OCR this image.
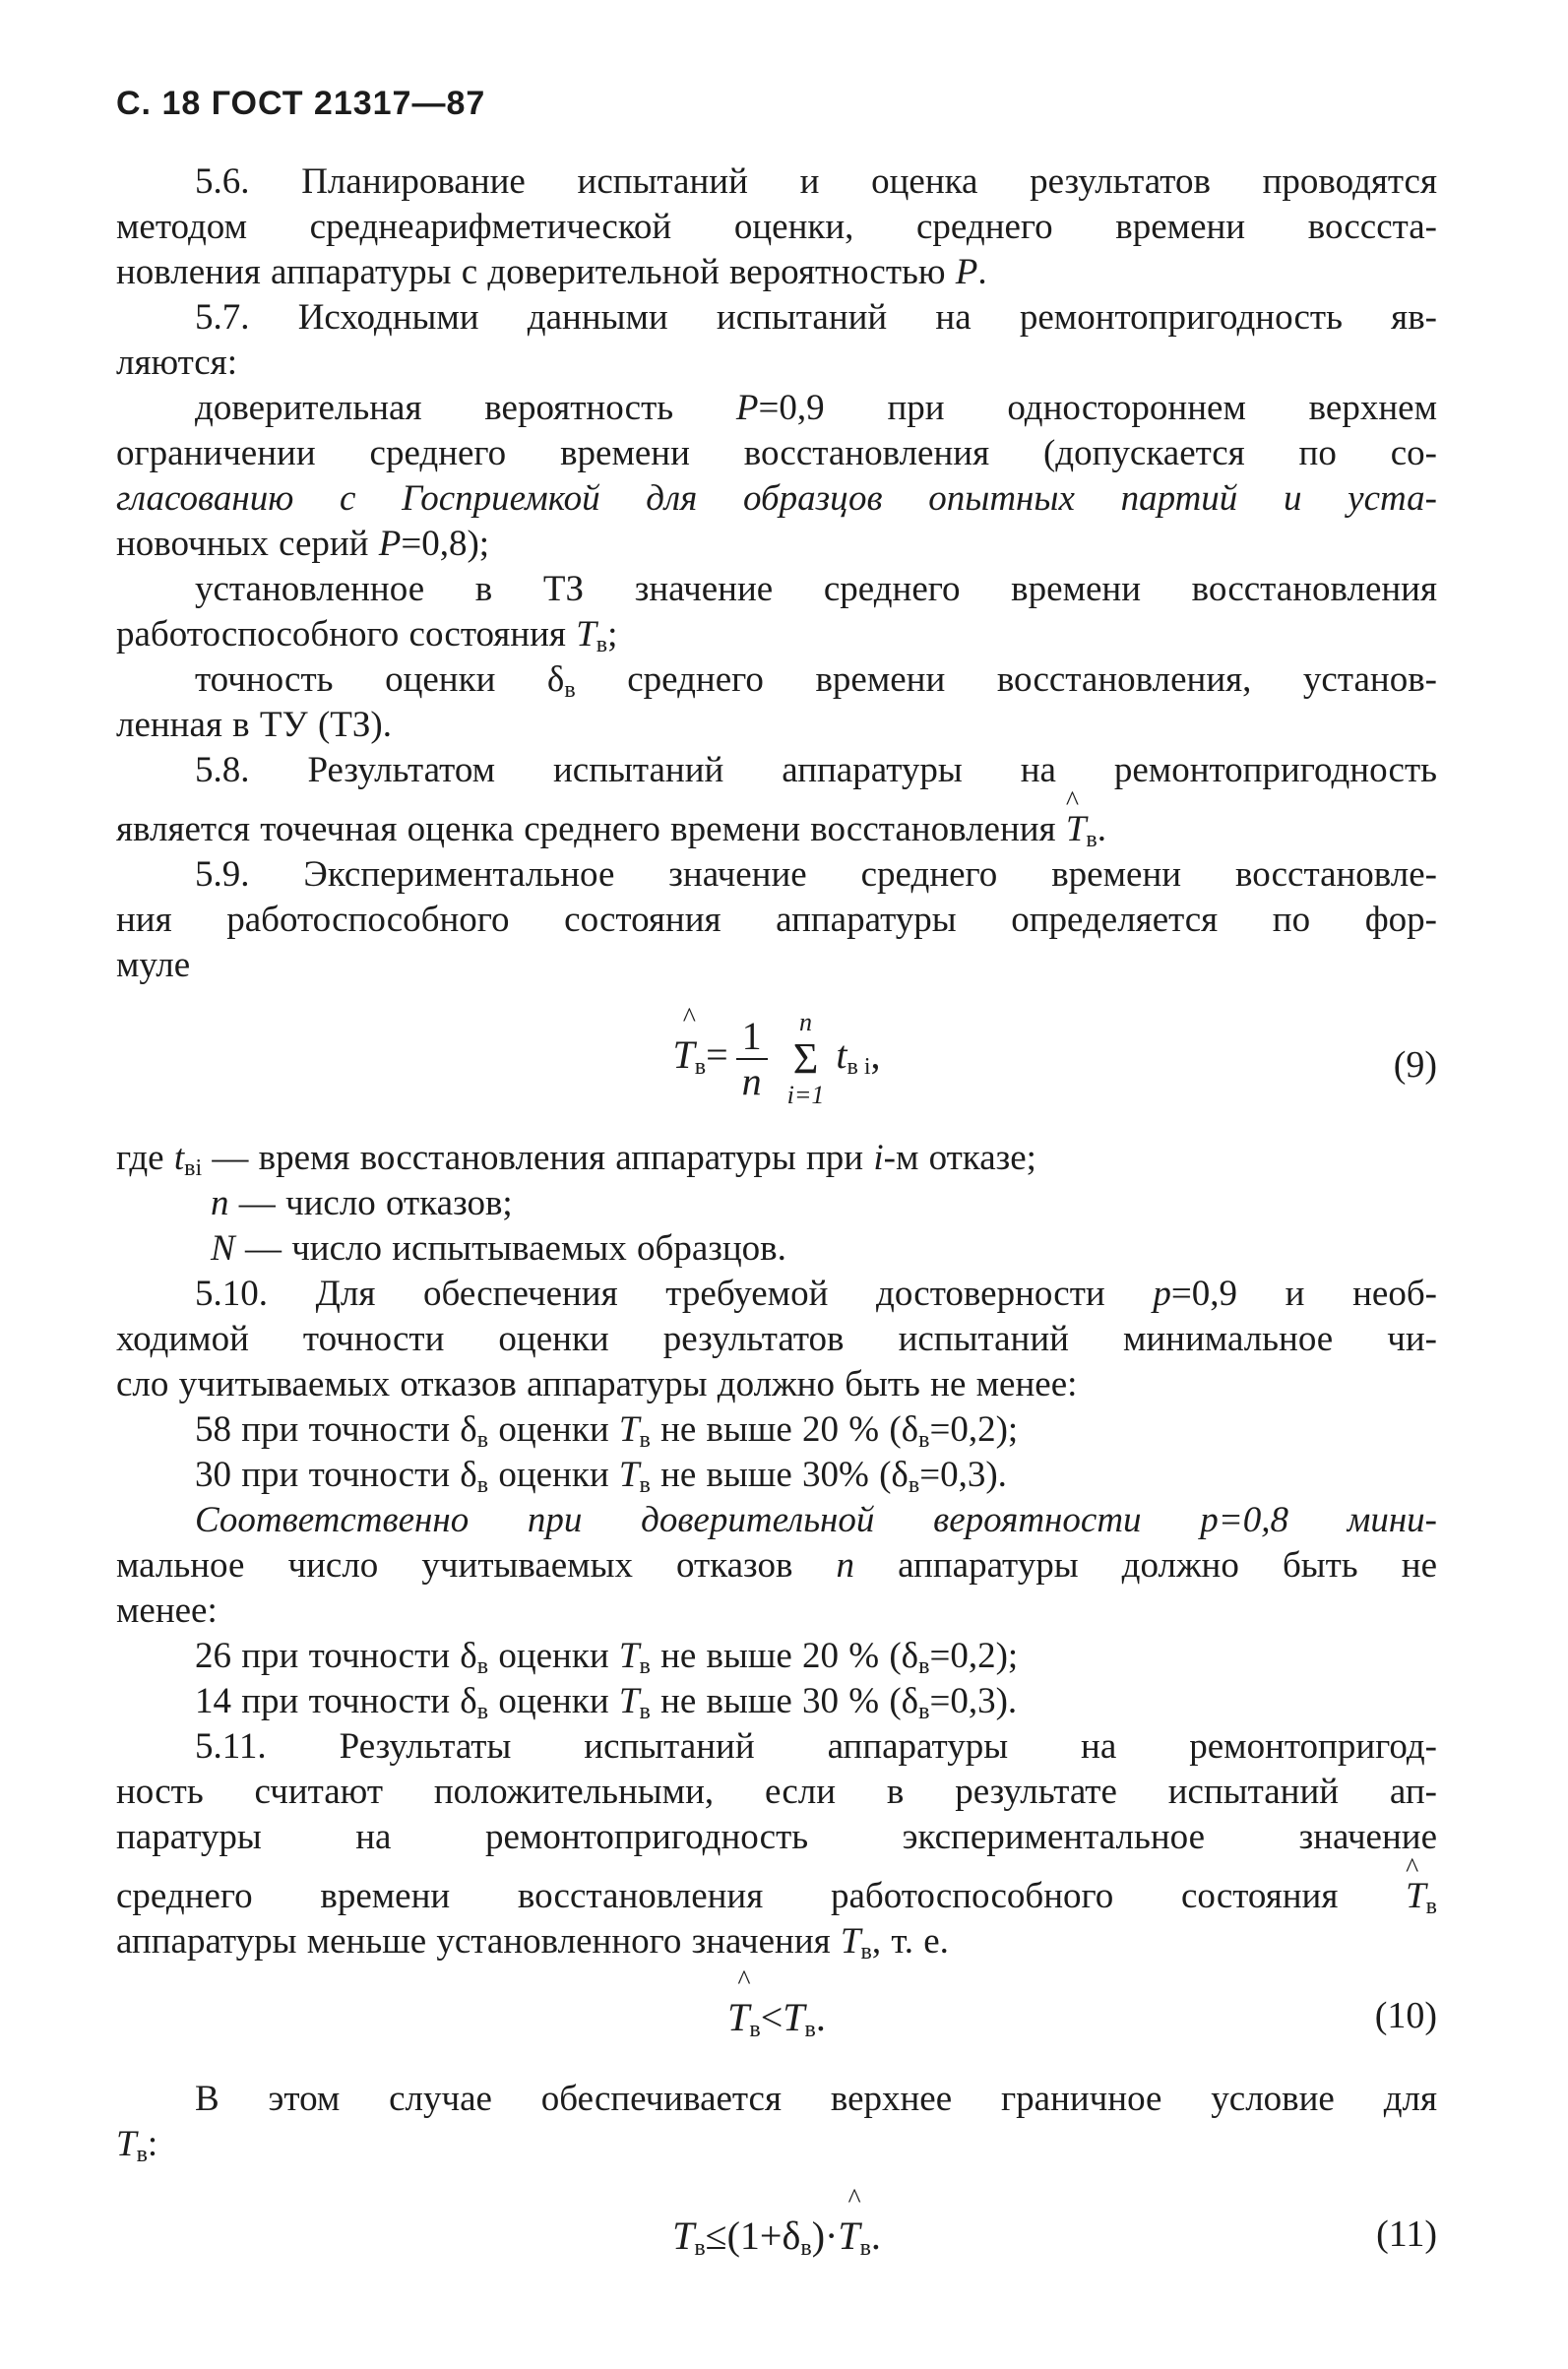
С. 18 ГОСТ 21317—87
5.6. Планирование испытаний и оценка результатов проводятся
методом среднеарифметической оценки, среднего времени воссста-
новления аппаратуры с доверительной вероятностью P.
5.7. Исходными данными испытаний на ремонтопригодность яв-
ляются:
доверительная вероятность P=0,9 при одностороннем верхнем
ограничении среднего времени восстановления (допускается по со-
гласованию с Госприемкой для образцов опытных партий и уста-
новочных серий P=0,8);
установленное в ТЗ значение среднего времени восстановления
работоспособного состояния $T_в$;
точность оценки $\delta_в$ среднего времени восстановления, установ-
ленная в ТУ (ТЗ).
5.8. Результатом испытаний аппаратуры на ремонтопригодность
является точечная оценка среднего времени восстановления
^
$T_в$.
5.9. Экспериментальное значение среднего времени восстановле-
ния работоспособного состояния аппаратуры определяется по фор-
муле
^
$T_в= \frac{1}{n}$	n
Σ
i=1
$t_{в i}$,	(9)
где $t_{вi}$ — время восстановления аппаратуры при i-м отказе;
n — число отказов;
N — число испытываемых образцов.
5.10. Для обеспечения требуемой достоверности p=0,9 и необ-
ходимой точности оценки результатов испытаний минимальное чи-
сло учитываемых отказов аппаратуры должно быть не менее:
58 при точности $\delta_в$ оценки $T_в$ не выше 20 % $(\delta_в=0,2)$;
30 при точности $\delta_в$ оценки $T_в$ не выше 30% $(\delta_в=0,3)$.
Соответственно при доверительной вероятности p=0,8 мини-
мальное число учитываемых отказов n аппаратуры должно быть не
менее:
26 при точности $\delta_в$ оценки $T_в$ не выше 20 % $(\delta_в=0,2)$;
14 при точности $\delta_в$ оценки $T_в$ не выше 30 % $(\delta_в=0,3)$.
5.11. Результаты испытаний аппаратуры на ремонтопригод-
ность считают положительными, если в результате испытаний ап-
паратуры на ремонтопригодность экспериментальное значение
среднего времени восстановления работоспособного состояния
^
$T_в$
аппаратуры меньше установленного значения $T_в$, т. е.
^
$T_в<T_в$.	(10)
В этом случае обеспечивается верхнее граничное условие для
$T_в$:
$T_в\le(1+\delta_в)\cdot$
^
$T_в$.	(11)
